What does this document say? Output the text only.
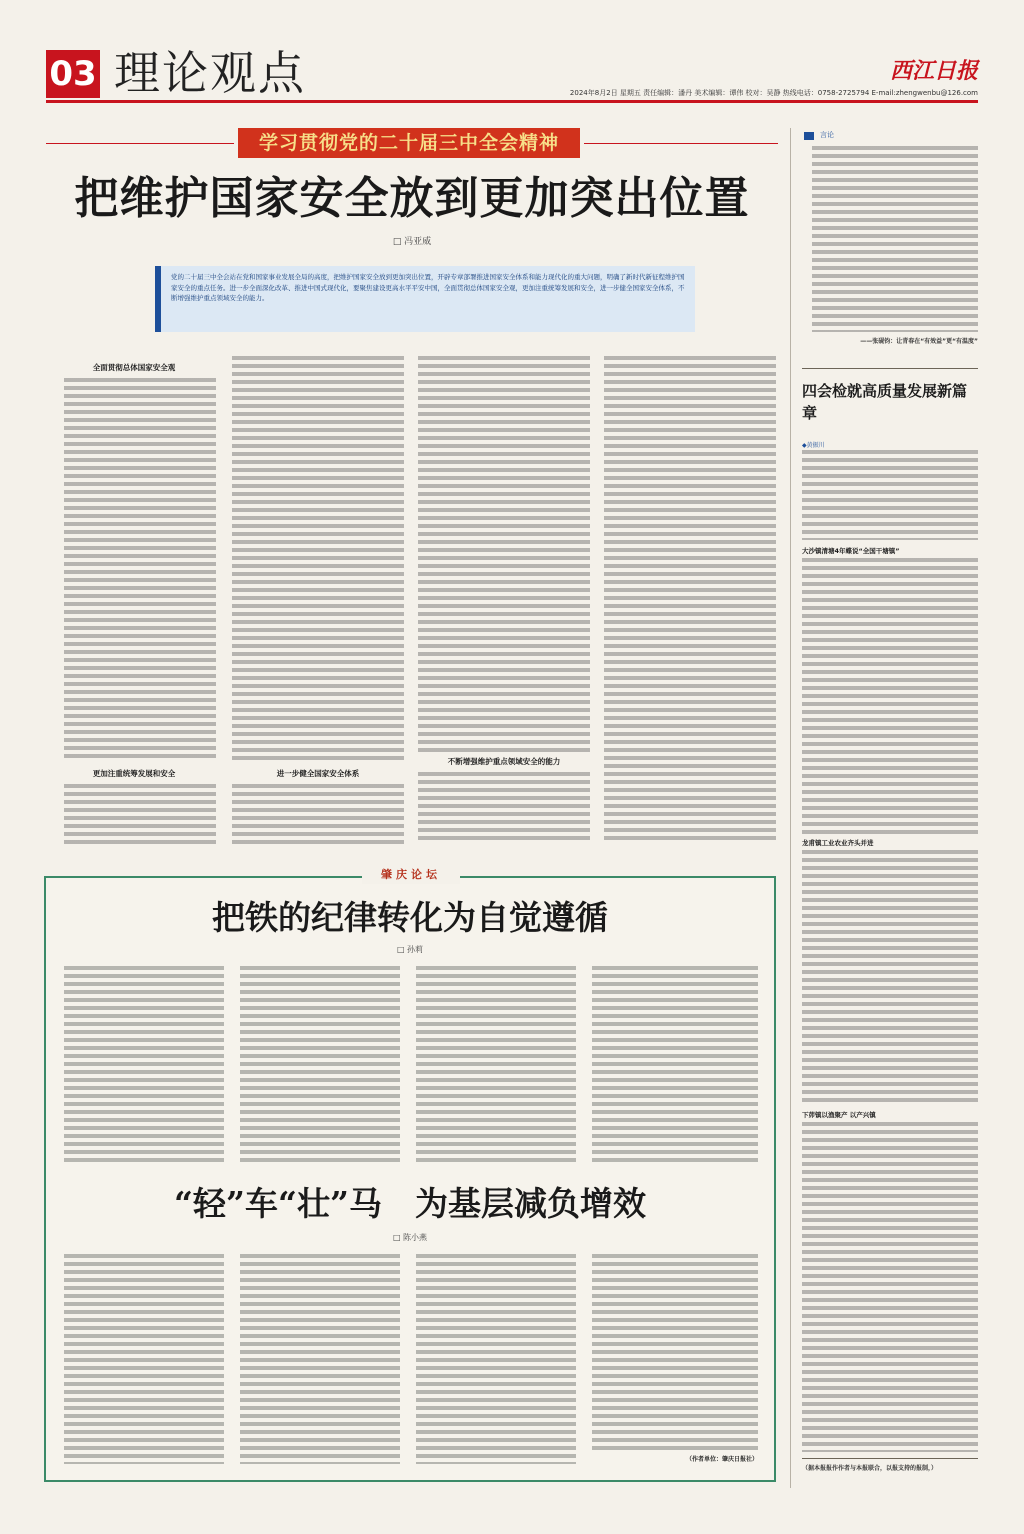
03 理论观点	西江日报
2024年8月2日 星期五 责任编辑：潘丹 美术编辑：谭伟 校对：吴静 热线电话：0758-2725794 E-mail:zhengwenbu@126.com
学习贯彻党的二十届三中全会精神
把维护国家安全放到更加突出位置
□ 冯亚威
党的二十届三中全会站在党和国家事业发展全局的高度，把维护国家安全放到更加突出位置，开辟专章部署推进国家安全体系和能力现代化的重大问题，明确了新时代新征程维护国家安全的重点任务。进一步全面深化改革、推进中国式现代化，要聚焦建设更高水平平安中国，全面贯彻总体国家安全观，更加注重统筹发展和安全，进一步健全国家安全体系，不断增强维护重点领域安全的能力。
全面贯彻总体国家安全观
更加注重统筹发展和安全	进一步健全国家安全体系
不断增强维护重点领域安全的能力
肇庆论坛
把铁的纪律转化为自觉遵循
□ 孙莉
“轻”车“壮”马　为基层减负增效
□ 陈小燕
（作者单位：肇庆日报社）
言论
——张砚钧：让青春在“有效益”更“有温度”
四会检就高质量发展新篇章
◆黄振川
大沙镇清塘4年蝶说“全国干塘镇”
龙甫镇工业农业齐头并进
下茆镇以渔聚产 以产兴镇
（据本报报作作者与本报联合，以报支持的报制，）
